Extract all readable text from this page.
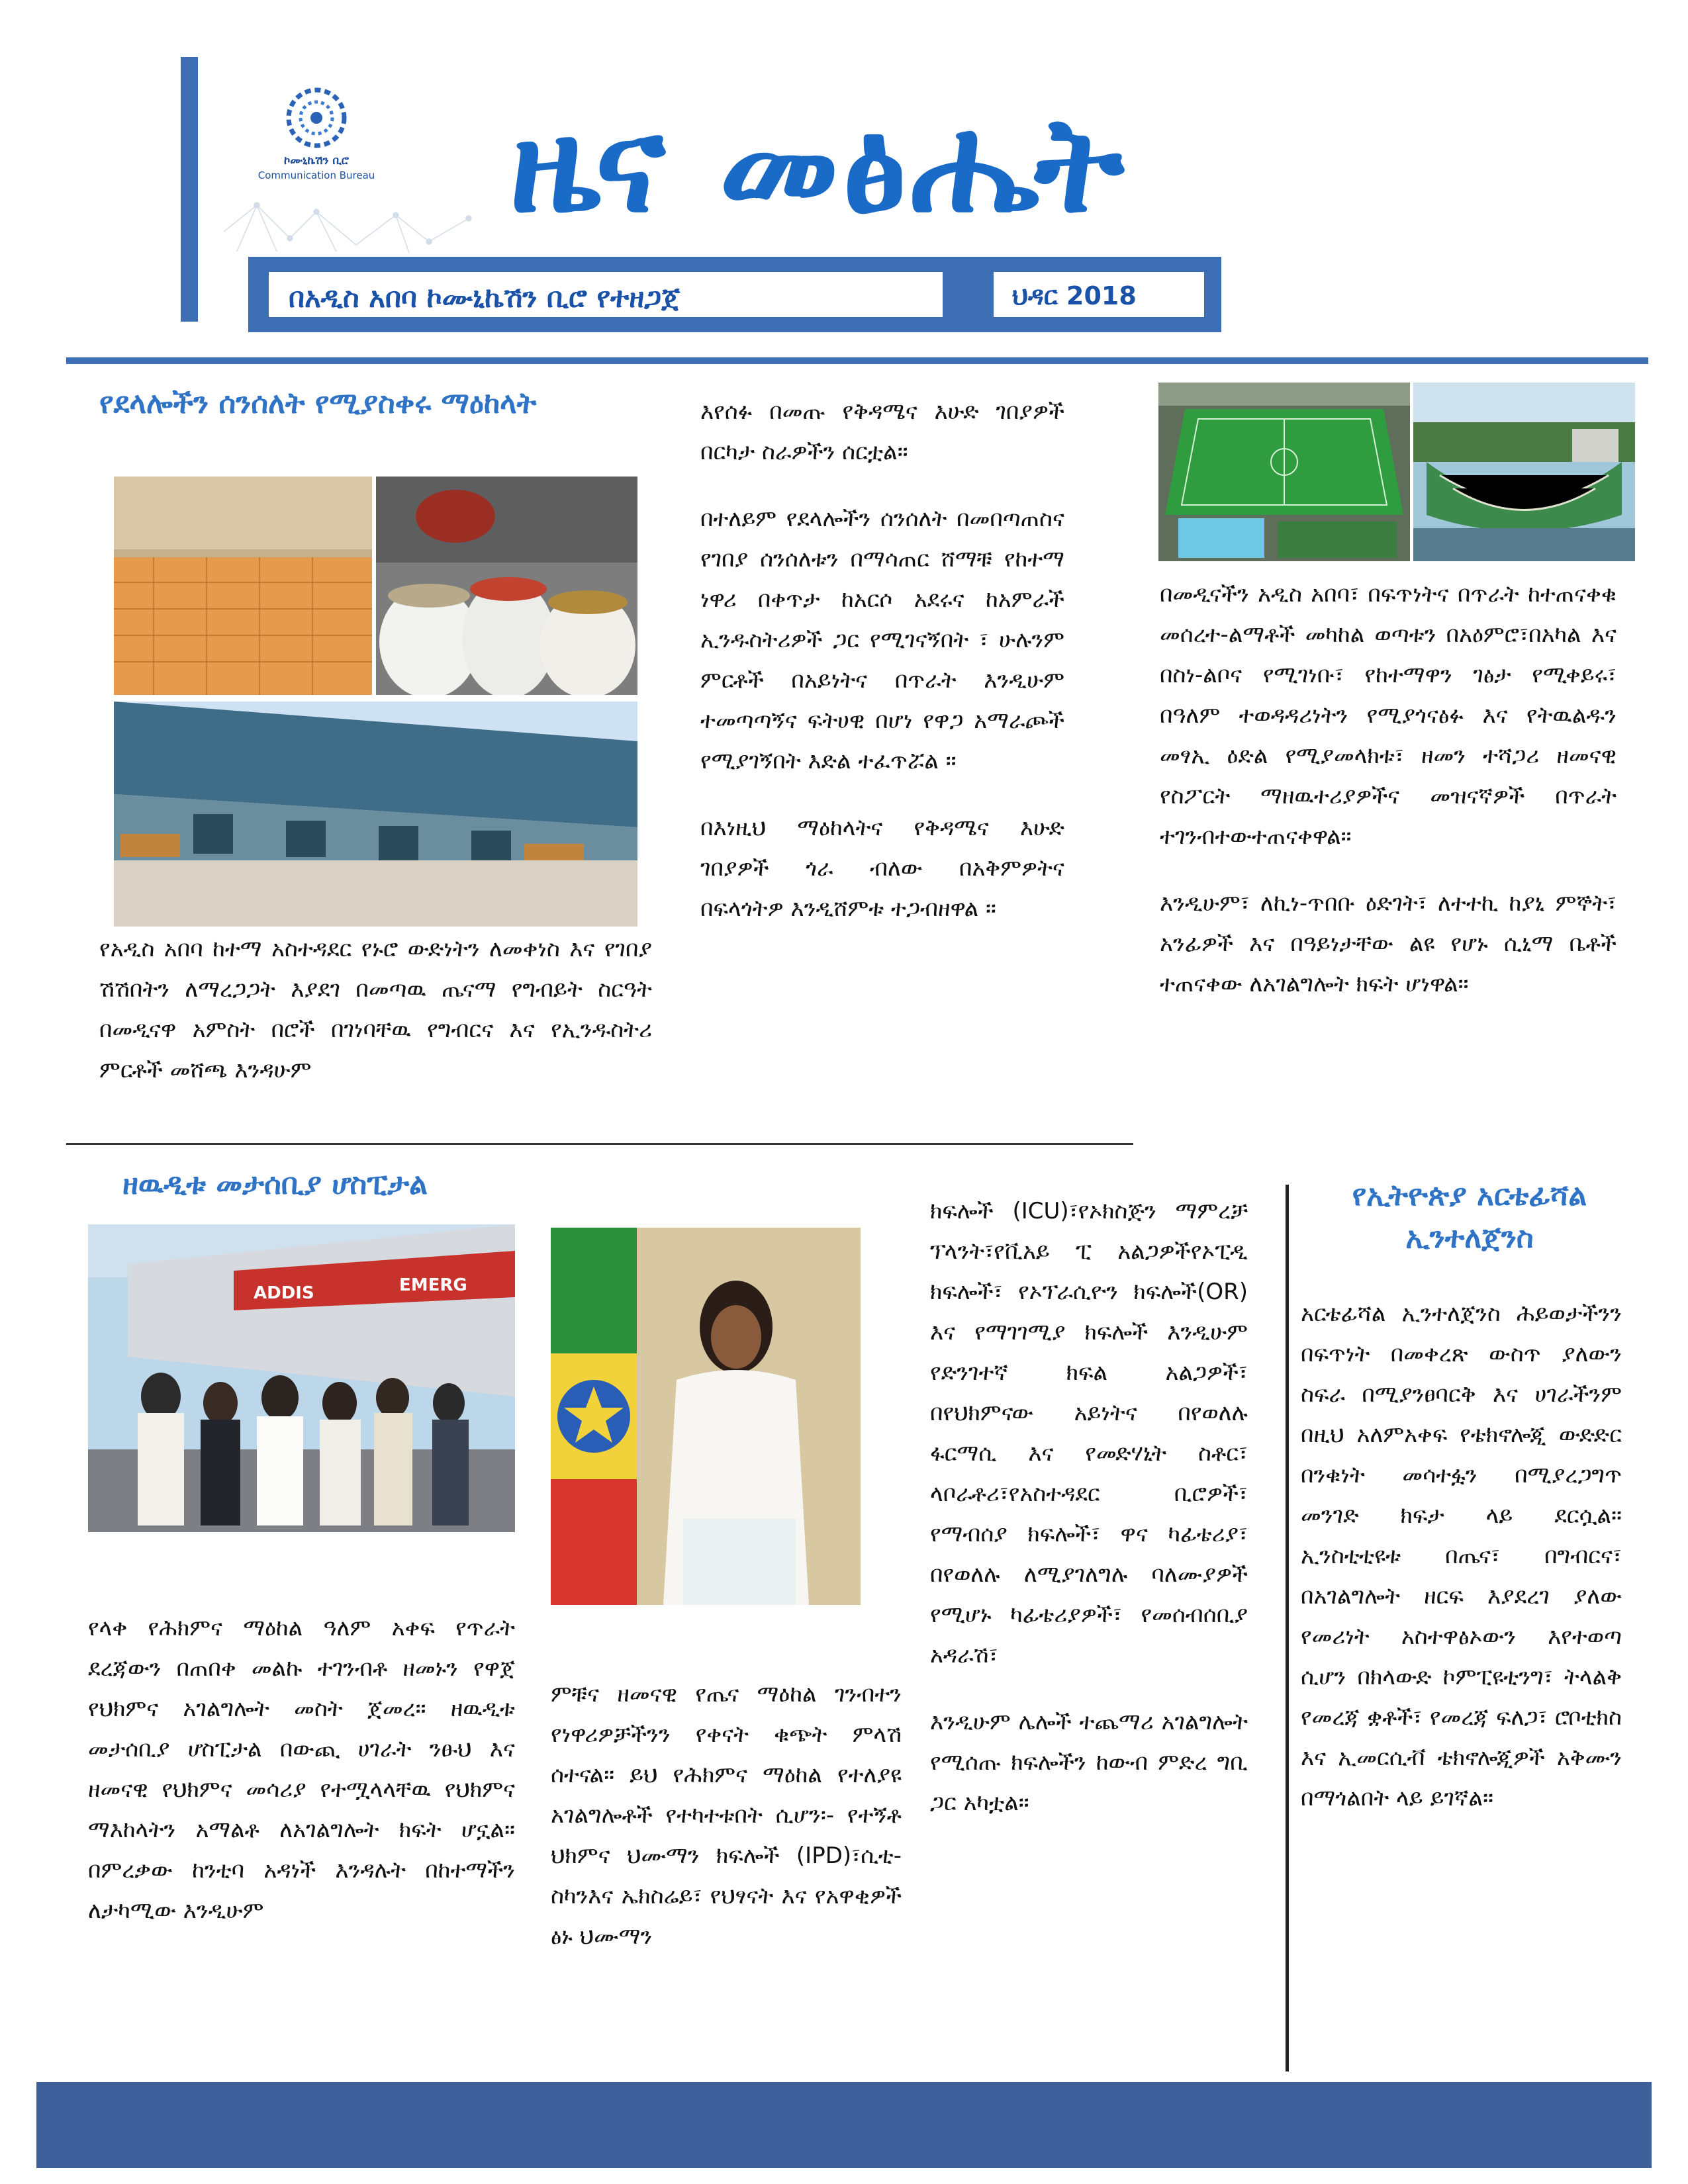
ኮሙኒኬሽን ቢሮ
Communication Bureau ዜና መፅሔት
በአዲስ አበባ ኮሙኒኬሽን ቢሮ የተዘጋጀ	ህዳር 2018
የደላሎችን ሰንሰለት የሚያስቀሩ ማዕከላት
የአዲስ አበባ ከተማ አስተዳደር የኑሮ ውድነትን ለመቀነስ እና የገበያ ሽሽበትን ለማረጋጋት እያደገ በመጣዉ ጤናማ የግብይት ስርዓት በመዲናዋ አምስት በሮች በገነባቸዉ የግብርና እና የኢንዱስትሪ ምርቶች መሸጫ እንዳሁም

እየሰፉ በመጡ የቅዳሜና እሁድ ገበያዎች በርካታ ስራዎችን ሰርቷል።

በተለይም የደላሎችን ሰንሰለት በመበጣጠስና የገበያ ሰንሰለቱን በማሳጠር ሸማቹ የከተማ ነዋሪ በቀጥታ ከአርሶ አደሩና ከአምራች ኢንዱስትሪዎች ጋር የሚገናኝበት ፣ ሁሉንም ምርቶች በአይነትና በጥራት እንዲሁም ተመጣጣኝና ፍትሀዊ በሆነ የዋጋ አማራጮች የሚያገኝበት እድል ተፈጥሯል ።

በእነዚህ ማዕከላትና የቅዳሜና እሁድ ገበያዎች ጎራ ብለው በአቅምዎትና በፍላጎትዎ እንዲሸምቱ ተጋብዘዋል ።

በመዲናችን አዲስ አበባ፣ በፍጥነትና በጥራት ከተጠናቀቁ መሰረተ-ልማቶች መካከል ወጣቱን በአዕምሮ፣በአካል እና በስነ-ልቦና የሚገነቡ፣ የከተማዋን ገፅታ የሚቀይሩ፣ በዓለም ተወዳዳሪነትን የሚያጎናፅፉ እና የትዉልዱን መፃኢ ዕድል የሚያመላክቱ፣ ዘመን ተሻጋሪ ዘመናዊ የስፖርት ማዘዉተሪያዎችና መዝናኛዎች በጥራት ተገንብተውተጠናቀዋል።

እንዲሁም፣ ለኪነ-ጥበቡ ዕድገት፣ ለተተኪ ከያኒ ምኞት፣ አንፊዎች እና በዓይነታቸው ልዩ የሆኑ ሲኒማ ቤቶች ተጠናቀው ለአገልግሎት ክፍት ሆነዋል።

ዘዉዲቱ መታሰቢያ ሆስፒታል
ADDIS	EMERG
የላቀ የሕክምና ማዕከል ዓለም አቀፍ የጥራት ደረጃውን በጠበቀ መልኩ ተገንብቶ ዘመኑን የዋጀ የህክምና አገልግሎት መስት ጀመረ። ዘዉዲቱ መታሰቢያ ሆስፒታል በውጪ ሀገራት ንፁህ እና ዘመናዊ የህክምና መሳሪያ የተሟላላቸዉ የህክምና ማእከላትን አማልቶ ለአገልግሎት ክፍት ሆኗል። በምረቃው ከንቲባ አዳነች እንዳሉት በከተማችን ለታካሚው እንዲሁም
ምቹና ዘመናዊ የጤና ማዕከል ገንብተን የነዋሪዎቻችንን የቀናት ቁጭት ምላሽ ሰተናል። ይህ የሕክምና ማዕከል የተለያዩ አገልግሎቶች የተካተቱበት ሲሆን፡- የተኝቶ ህክምና ህሙማን ክፍሎች (IPD)፣ሲቲ-ስካንእና ኤክስሬይ፣ የህፃናት እና የአዋቂዎች ፅኑ ህሙማን

ክፍሎች (ICU)፣የኦክስጅን ማምረቻ ፕላንት፣የቪአይ ፒ አልጋዎችየኦፒዲ ክፍሎች፣ የኦፕራሲዮን ክፍሎች(OR) እና የማገገሚያ ክፍሎች እንዲሁም የድንገተኛ ክፍል አልጋዎች፣ በየህክምናው አይነትና በየወለሉ ፋርማሲ እና የመድሃኒት ስቶር፣ ላቦራቶሪ፣የአስተዳደር ቢሮዎች፣ የማብሰያ ክፍሎች፣ ዋና ካፊቴሪያ፣ በየወለሉ ለሚያገለግሉ ባለሙያዎች የሚሆኑ ካፊቴሪያዎች፣ የመሰብሰቢያ አዳራሽ፣

እንዲሁም ሌሎች ተጨማሪ አገልግሎት የሚሰጡ ክፍሎችን ከውብ ምድረ ግቢ ጋር አካቷል።

የኢትዮጵያ አርቴፊሻል ኢንተለጀንስ
አርቴፊሻል ኢንተለጀንስ ሕይወታችንን በፍጥነት በመቀረጽ ውስጥ ያለውን ስፍራ በሚያንፀባርቅ እና ሀገራችንም በዚህ አለምአቀፍ የቴክኖሎጂ ውድድር በንቁነት መሳተፏን በሚያረጋግጥ መንገድ ክፍታ ላይ ደርሷል። ኢንስቲቲዩቱ በጤና፣ በግብርና፣ በአገልግሎት ዘርፍ እያደረገ ያለው የመሪነት አስተዋፅኦውን እየተወጣ ሲሆን በክላውድ ኮምፒዩቲንግ፣ ትላልቅ የመረጃ ቋቶች፣ የመረጃ ፍለጋ፣ ሮቦቲክስ እና ኢመርሲቭ ቴክኖሎጂዎች አቅሙን በማጎልበት ላይ ይገኛል።
